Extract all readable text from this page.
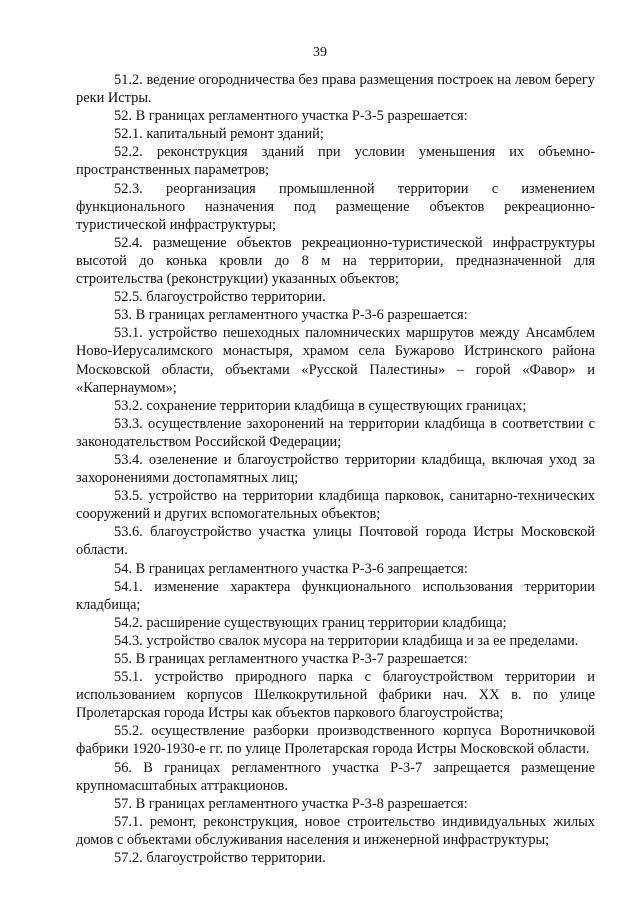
39

51.2. ведение огородничества без права размещения построек на левом берегу реки Истры.

52. В границах регламентного участка Р-3-5 разрешается:

52.1. капитальный ремонт зданий;

52.2. реконструкция зданий при условии уменьшения их объемно-пространственных параметров;

52.3. реорганизация промышленной территории с изменением функционального назначения под размещение объектов рекреационно-туристической инфраструктуры;

52.4. размещение объектов рекреационно-туристической инфраструктуры высотой до конька кровли до 8 м на территории, предназначенной для строительства (реконструкции) указанных объектов;

52.5. благоустройство территории.

53. В границах регламентного участка Р-3-6 разрешается:

53.1. устройство пешеходных паломнических маршрутов между Ансамблем Ново-Иерусалимского монастыря, храмом села Бужарово Истринского района Московской области, объектами «Русской Палестины» – горой «Фавор» и «Капернаумом»;

53.2. сохранение территории кладбища в существующих границах;

53.3. осуществление захоронений на территории кладбища в соответствии с законодательством Российской Федерации;

53.4. озеленение и благоустройство территории кладбища, включая уход за захоронениями достопамятных лиц;

53.5. устройство на территории кладбища парковок, санитарно-технических сооружений и других вспомогательных объектов;

53.6. благоустройство участка улицы Почтовой города Истры Московской области.

54. В границах регламентного участка Р-3-6 запрещается:

54.1. изменение характера функционального использования территории кладбища;

54.2. расширение существующих границ территории кладбища;

54.3. устройство свалок мусора на территории кладбища и за ее пределами.

55. В границах регламентного участка Р-3-7 разрешается:

55.1. устройство природного парка с благоустройством территории и использованием корпусов Шелкокрутильной фабрики нач. XX в. по улице Пролетарская города Истры как объектов паркового благоустройства;

55.2. осуществление разборки производственного корпуса Воротничковой фабрики 1920-1930-е гг. по улице Пролетарская города Истры Московской области.

56. В границах регламентного участка Р-3-7 запрещается размещение крупномасштабных аттракционов.

57. В границах регламентного участка Р-3-8 разрешается:

57.1. ремонт, реконструкция, новое строительство индивидуальных жилых домов с объектами обслуживания населения и инженерной инфраструктуры;

57.2. благоустройство территории.
